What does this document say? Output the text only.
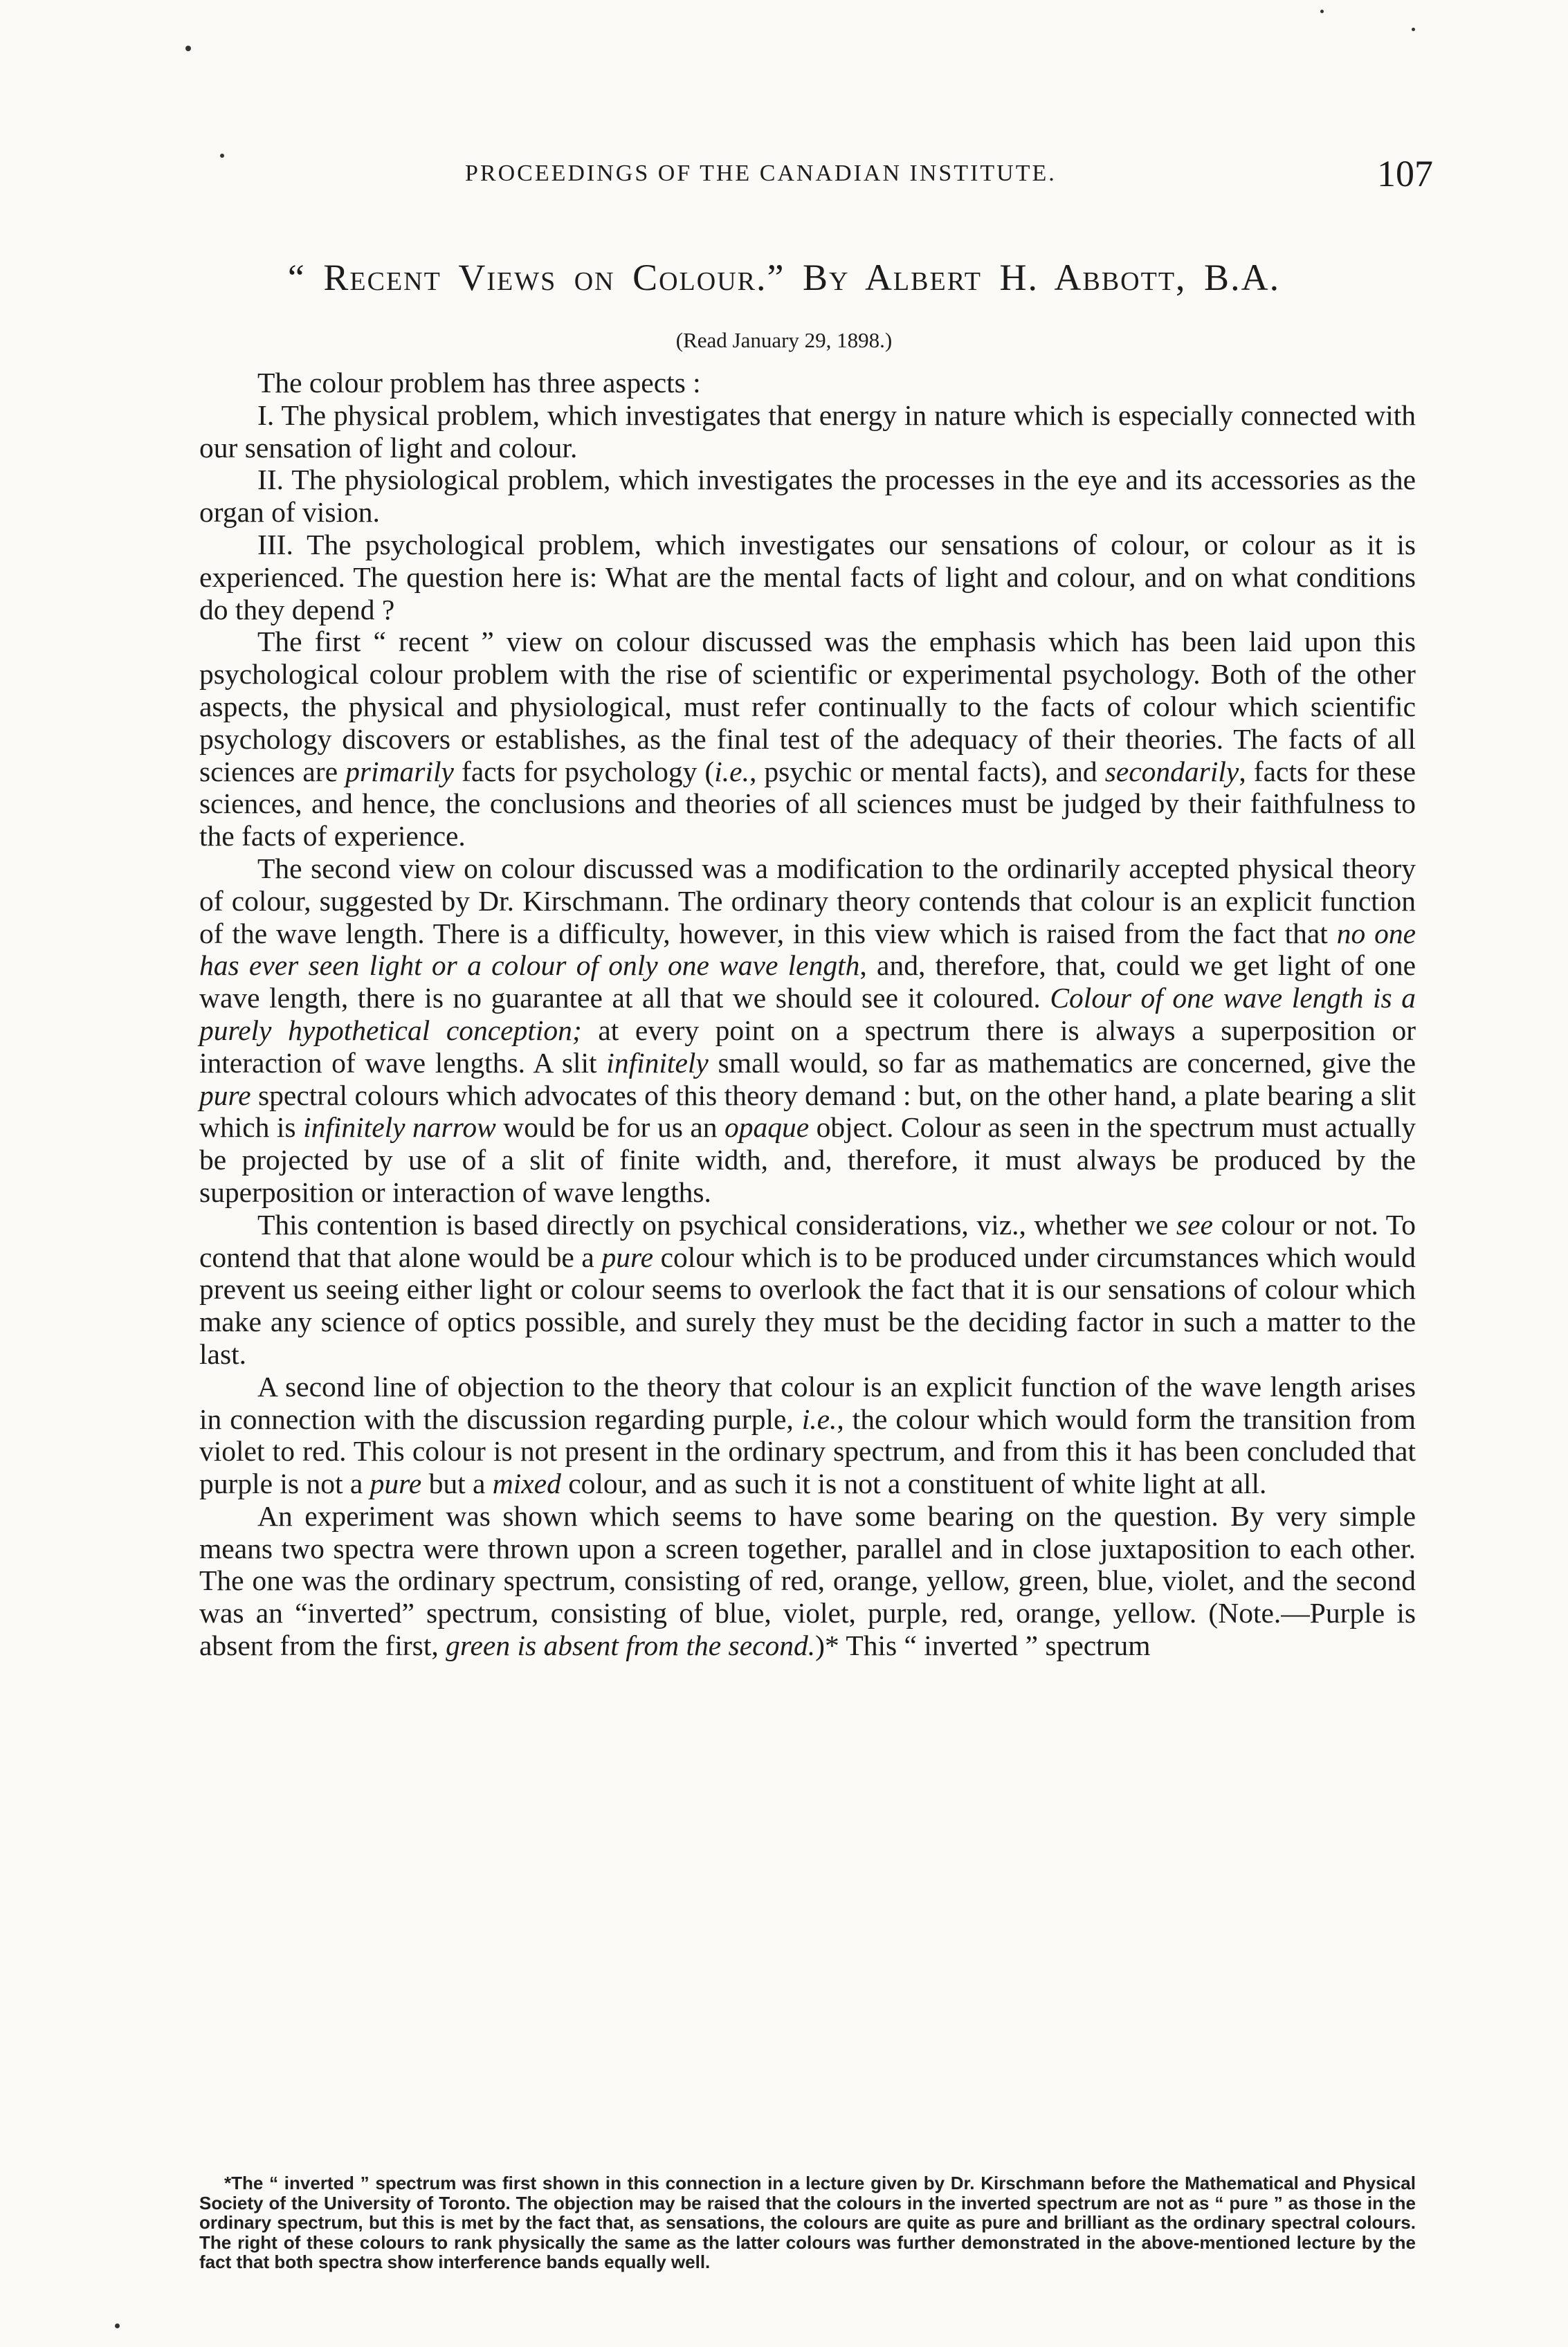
PROCEEDINGS OF THE CANADIAN INSTITUTE.	107
“ Recent Views on Colour.” By Albert H. Abbott, B.A.
(Read January 29, 1898.)

The colour problem has three aspects :

I. The physical problem, which investigates that energy in nature which is especially connected with our sensation of light and colour.

II. The physiological problem, which investigates the processes in the eye and its accessories as the organ of vision.

III. The psychological problem, which investigates our sensations of colour, or colour as it is experienced. The question here is: What are the mental facts of light and colour, and on what conditions do they depend ?

The first “ recent ” view on colour discussed was the emphasis which has been laid upon this psychological colour problem with the rise of scientific or experimental psychology. Both of the other aspects, the physical and physiological, must refer continually to the facts of colour which scientific psychology discovers or establishes, as the final test of the adequacy of their theories. The facts of all sciences are primarily facts for psychology (i.e., psychic or mental facts), and secondarily, facts for these sciences, and hence, the conclusions and theories of all sciences must be judged by their faithfulness to the facts of experience.

The second view on colour discussed was a modification to the ordinarily accepted physical theory of colour, suggested by Dr. Kirschmann. The ordinary theory contends that colour is an explicit function of the wave length. There is a difficulty, however, in this view which is raised from the fact that no one has ever seen light or a colour of only one wave length, and, therefore, that, could we get light of one wave length, there is no guarantee at all that we should see it coloured. Colour of one wave length is a purely hypothetical conception; at every point on a spectrum there is always a superposition or interaction of wave lengths. A slit infinitely small would, so far as mathematics are concerned, give the pure spectral colours which advocates of this theory demand : but, on the other hand, a plate bearing a slit which is infinitely narrow would be for us an opaque object. Colour as seen in the spectrum must actually be projected by use of a slit of finite width, and, therefore, it must always be produced by the superposition or interaction of wave lengths.

This contention is based directly on psychical considerations, viz., whether we see colour or not. To contend that that alone would be a pure colour which is to be produced under circumstances which would prevent us seeing either light or colour seems to overlook the fact that it is our sensations of colour which make any science of optics possible, and surely they must be the deciding factor in such a matter to the last.

A second line of objection to the theory that colour is an explicit function of the wave length arises in connection with the discussion regarding purple, i.e., the colour which would form the transition from violet to red. This colour is not present in the ordinary spectrum, and from this it has been concluded that purple is not a pure but a mixed colour, and as such it is not a constituent of white light at all.

An experiment was shown which seems to have some bearing on the question. By very simple means two spectra were thrown upon a screen together, parallel and in close juxtaposition to each other. The one was the ordinary spectrum, consisting of red, orange, yellow, green, blue, violet, and the second was an “inverted” spectrum, consisting of blue, violet, purple, red, orange, yellow. (Note.—Purple is absent from the first, green is absent from the second.)* This “ inverted ” spectrum

*The “ inverted ” spectrum was first shown in this connection in a lecture given by Dr. Kirschmann before the Mathematical and Physical Society of the University of Toronto. The objection may be raised that the colours in the inverted spectrum are not as “ pure ” as those in the ordinary spectrum, but this is met by the fact that, as sensations, the colours are quite as pure and brilliant as the ordinary spectral colours. The right of these colours to rank physically the same as the latter colours was further demonstrated in the above-mentioned lecture by the fact that both spectra show interference bands equally well.
